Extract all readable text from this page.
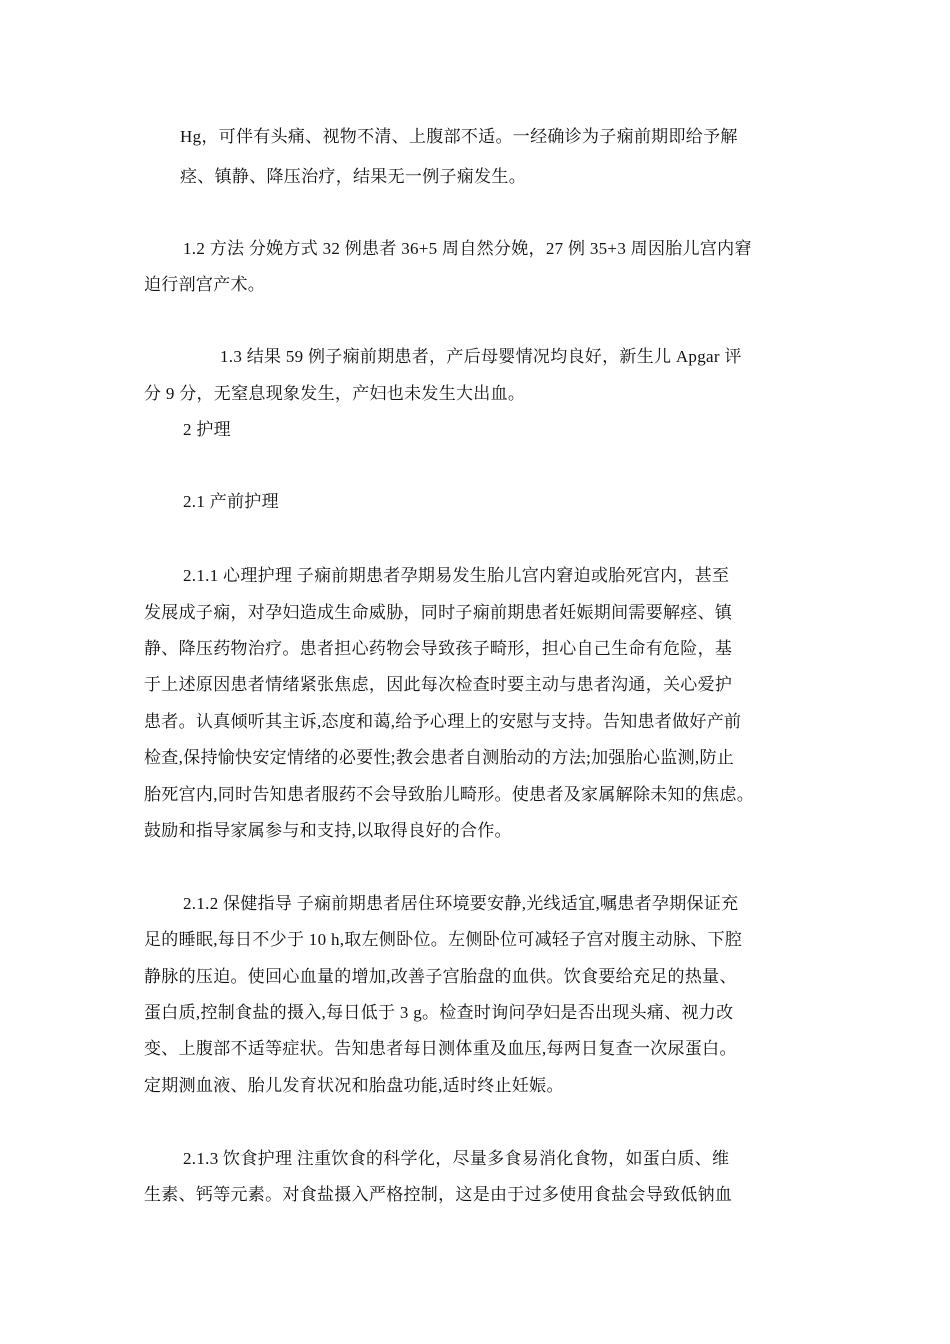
Hg，可伴有头痛、视物不清、上腹部不适。一经确诊为子痫前期即给予解
痉、镇静、降压治疗，结果无一例子痫发生。
1.2 方法 分娩方式 32 例患者 36+5 周自然分娩，27 例 35+3 周因胎儿宫内窘
迫行剖宫产术。
1.3 结果 59 例子痫前期患者，产后母婴情况均良好，新生儿 Apgar 评
分 9 分，无窒息现象发生，产妇也未发生大出血。
2 护理
2.1 产前护理
2.1.1 心理护理 子痫前期患者孕期易发生胎儿宫内窘迫或胎死宫内，甚至
发展成子痫，对孕妇造成生命威胁，同时子痫前期患者妊娠期间需要解痉、镇
静、降压药物治疗。患者担心药物会导致孩子畸形，担心自己生命有危险，基
于上述原因患者情绪紧张焦虑，因此每次检查时要主动与患者沟通，关心爱护
患者。认真倾听其主诉,态度和蔼,给予心理上的安慰与支持。告知患者做好产前
检查,保持愉快安定情绪的必要性;教会患者自测胎动的方法;加强胎心监测,防止
胎死宫内,同时告知患者服药不会导致胎儿畸形。使患者及家属解除未知的焦虑。
鼓励和指导家属参与和支持,以取得良好的合作。
2.1.2 保健指导 子痫前期患者居住环境要安静,光线适宜,嘱患者孕期保证充
足的睡眠,每日不少于 10 h,取左侧卧位。左侧卧位可减轻子宫对腹主动脉、下腔
静脉的压迫。使回心血量的增加,改善子宫胎盘的血供。饮食要给充足的热量、
蛋白质,控制食盐的摄入,每日低于 3 g。检查时询问孕妇是否出现头痛、视力改
变、上腹部不适等症状。告知患者每日测体重及血压,每两日复查一次尿蛋白。
定期测血液、胎儿发育状况和胎盘功能,适时终止妊娠。
2.1.3 饮食护理 注重饮食的科学化，尽量多食易消化食物，如蛋白质、维
生素、钙等元素。对食盐摄入严格控制，这是由于过多使用食盐会导致低钠血
